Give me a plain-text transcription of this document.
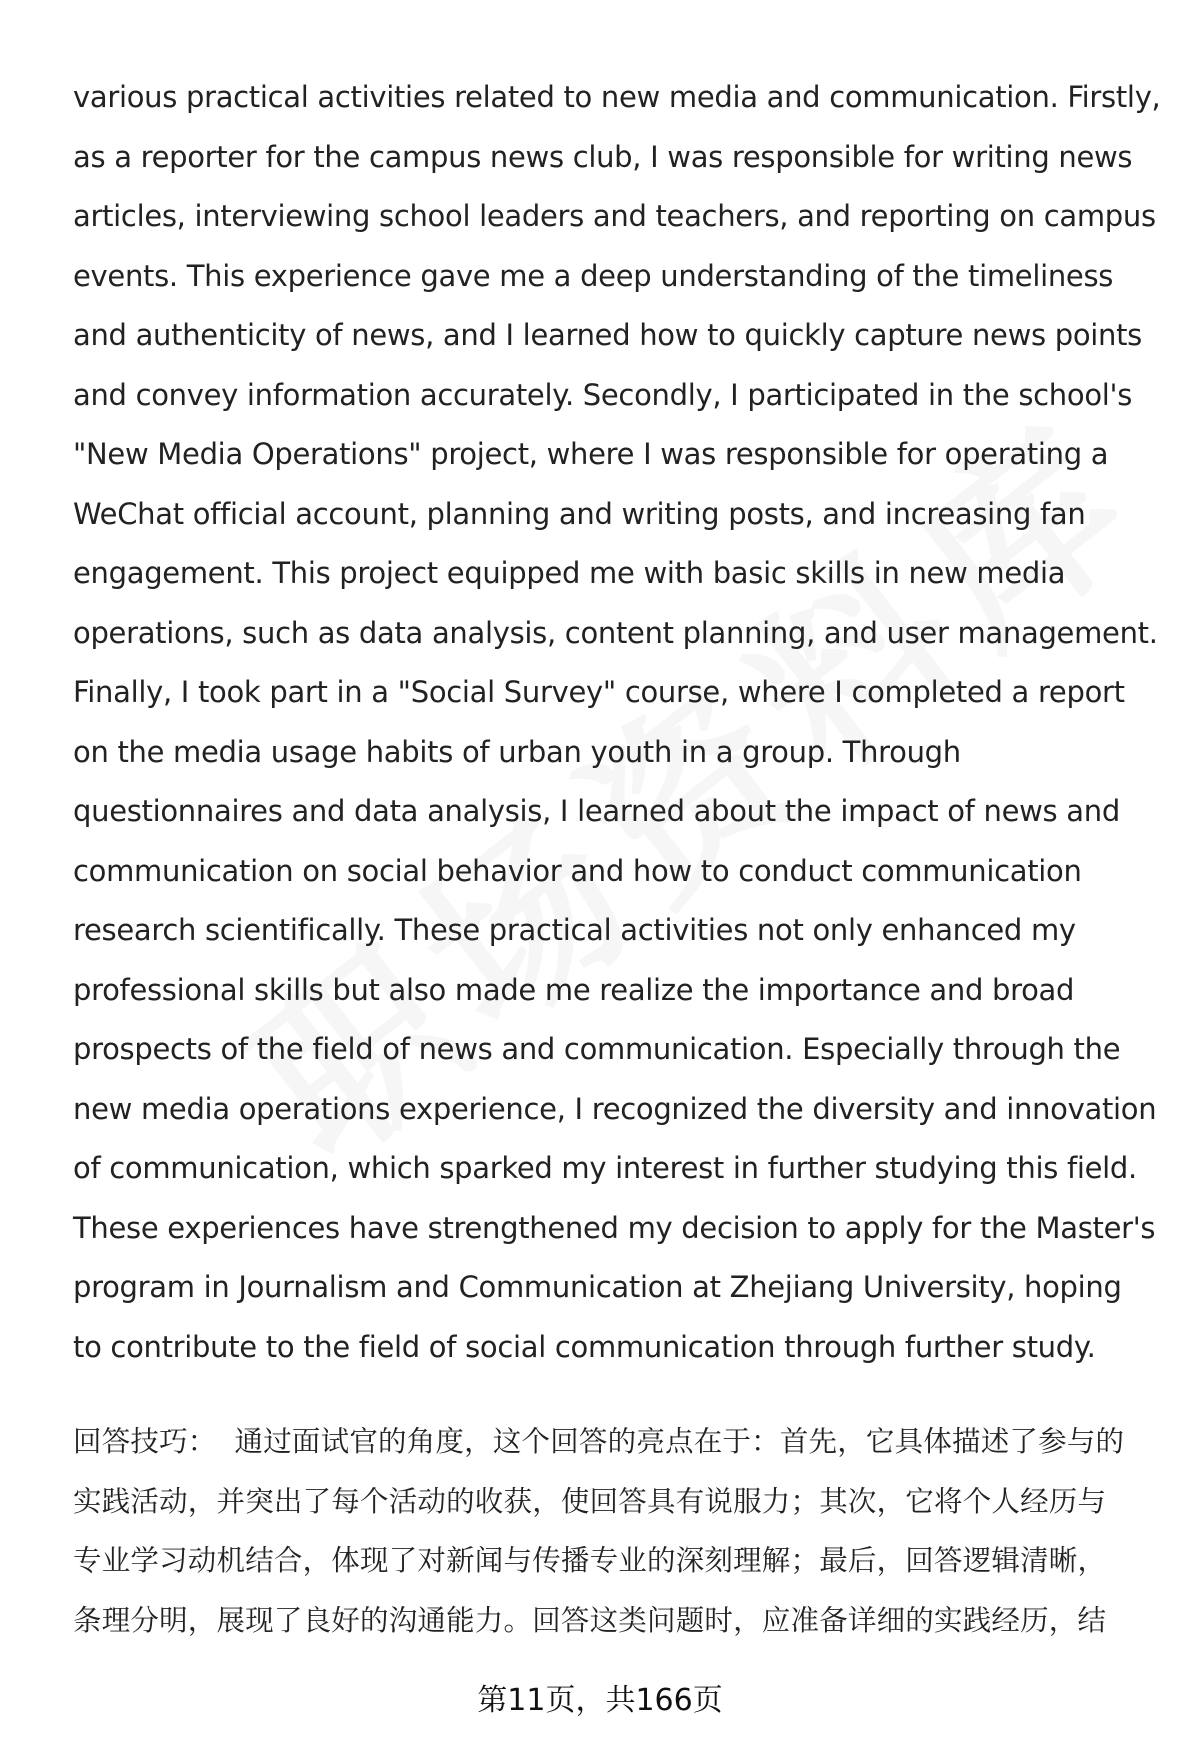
various practical activities related to new media and communication. Firstly,
as a reporter for the campus news club, I was responsible for writing news
articles, interviewing school leaders and teachers, and reporting on campus
events. This experience gave me a deep understanding of the timeliness
and authenticity of news, and I learned how to quickly capture news points
and convey information accurately. Secondly, I participated in the school's
"New Media Operations" project, where I was responsible for operating a
WeChat official account, planning and writing posts, and increasing fan
engagement. This project equipped me with basic skills in new media
operations, such as data analysis, content planning, and user management.
Finally, I took part in a "Social Survey" course, where I completed a report
on the media usage habits of urban youth in a group. Through
questionnaires and data analysis, I learned about the impact of news and
communication on social behavior and how to conduct communication
research scientifically. These practical activities not only enhanced my
professional skills but also made me realize the importance and broad
prospects of the field of news and communication. Especially through the
new media operations experience, I recognized the diversity and innovation
of communication, which sparked my interest in further studying this field.
These experiences have strengthened my decision to apply for the Master's
program in Journalism and Communication at Zhejiang University, hoping
to contribute to the field of social communication through further study.
回答技巧： 通过面试官的角度，这个回答的亮点在于：首先，它具体描述了参与的
实践活动，并突出了每个活动的收获，使回答具有说服力；其次，它将个人经历与
专业学习动机结合，体现了对新闻与传播专业的深刻理解；最后，回答逻辑清晰，
条理分明，展现了良好的沟通能力。回答这类问题时，应准备详细的实践经历，结
第11页，共166页
